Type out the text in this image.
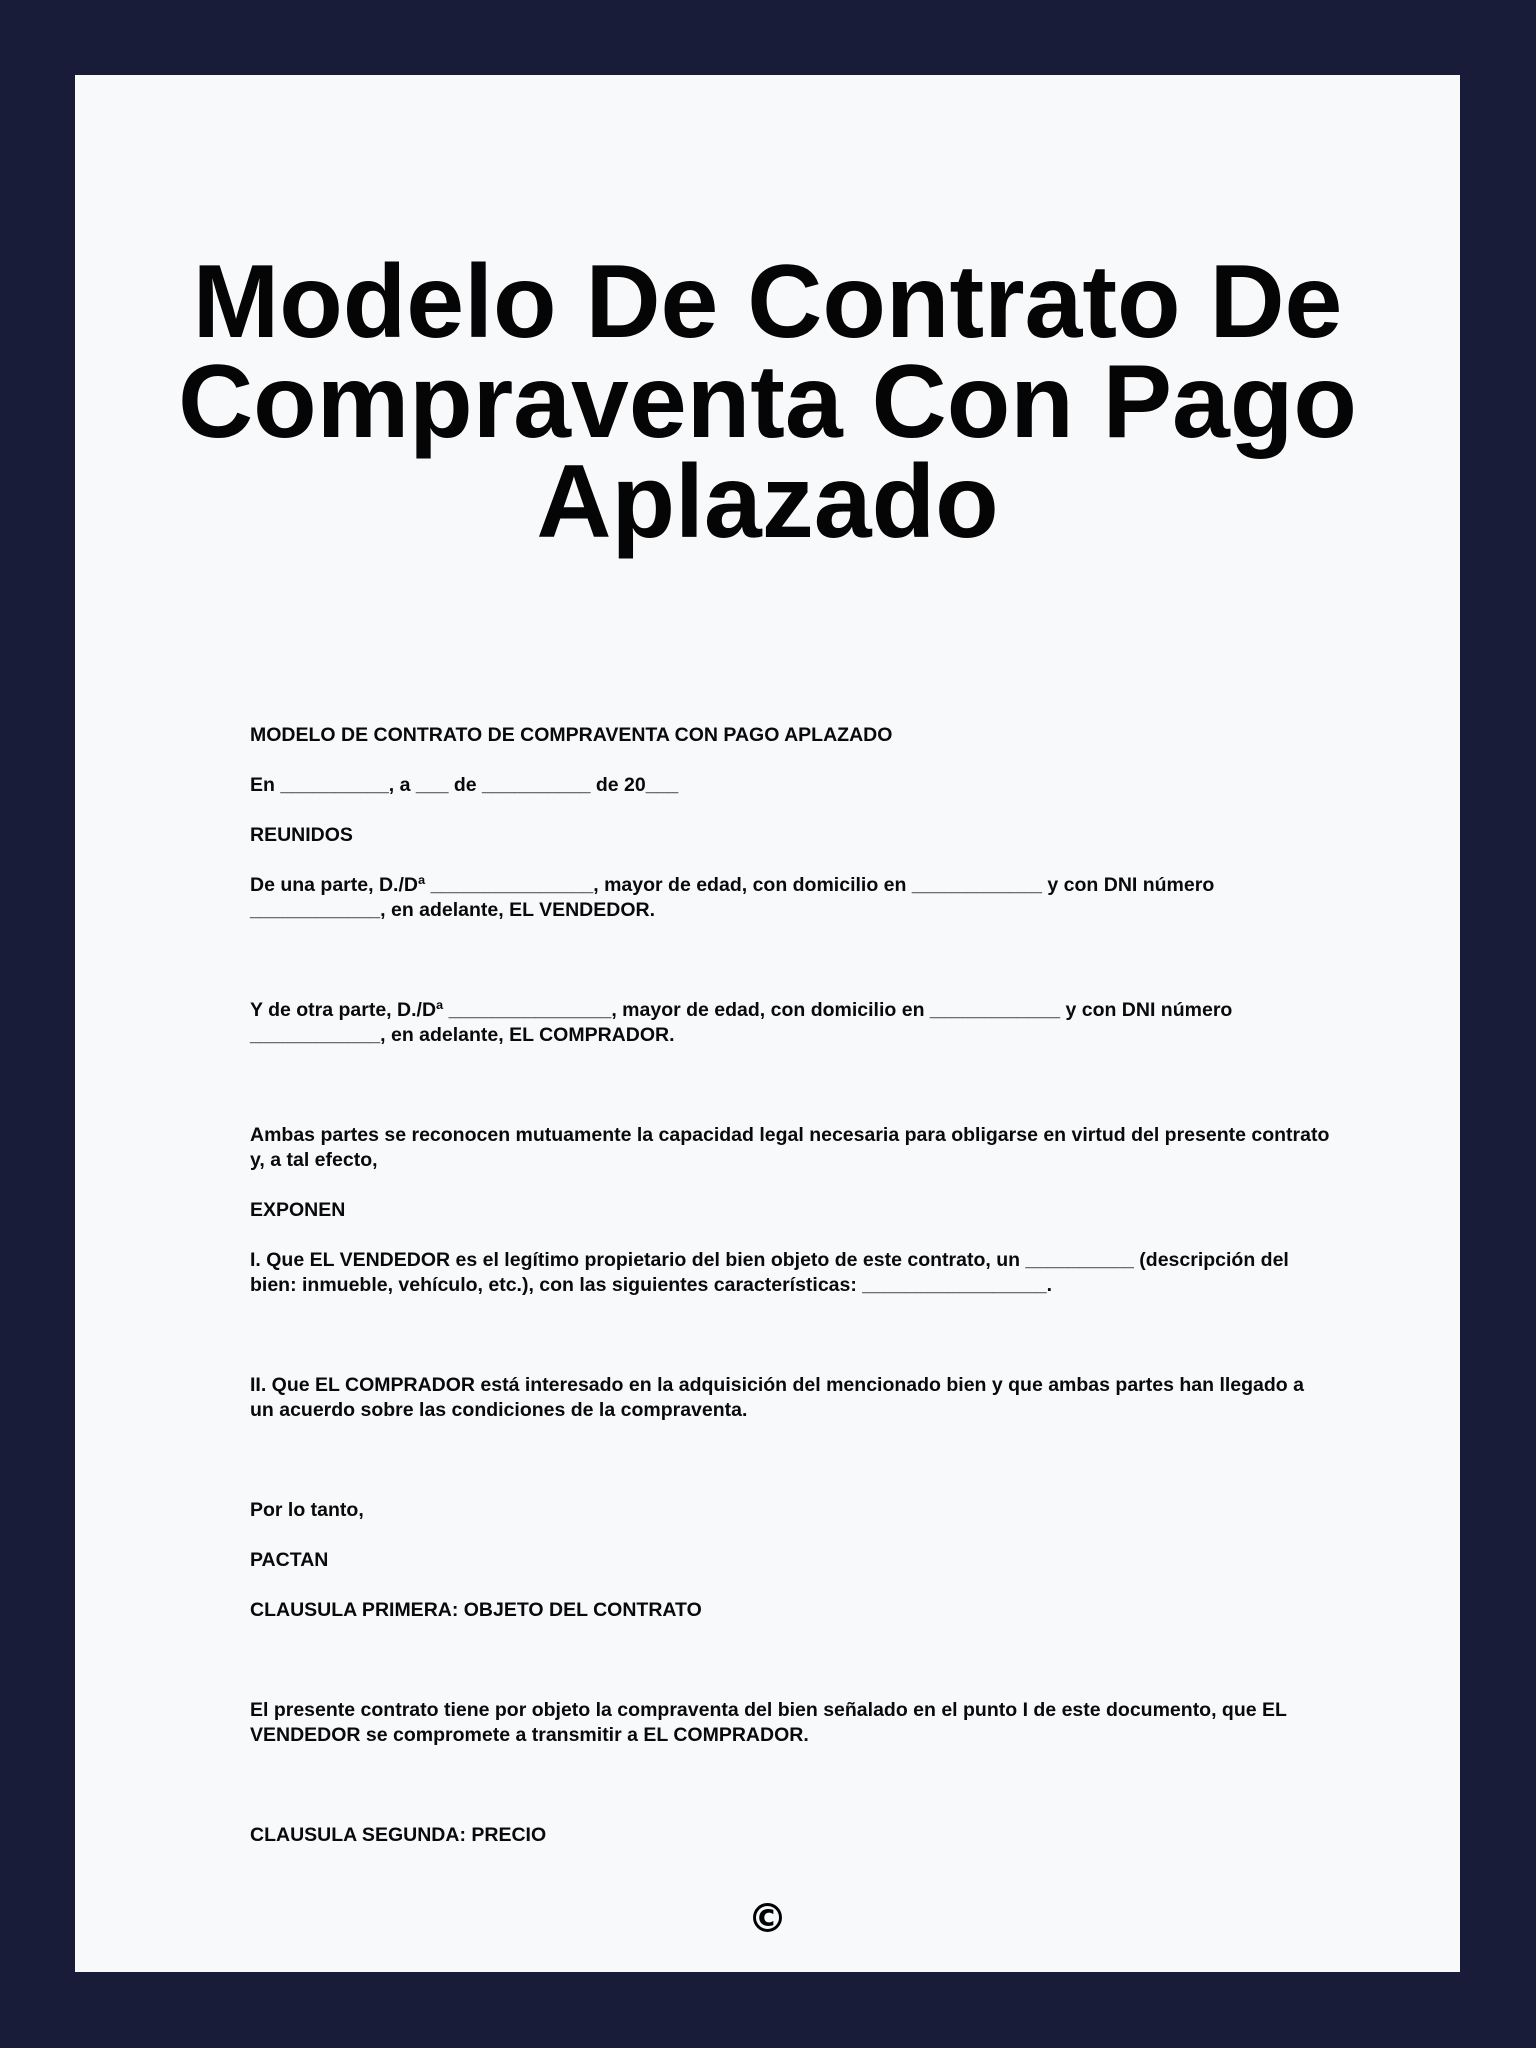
Modelo De Contrato De Compraventa Con Pago Aplazado

MODELO DE CONTRATO DE COMPRAVENTA CON PAGO APLAZADO

En __________, a ___ de __________ de 20___

REUNIDOS

De una parte, D./Dª _______________, mayor de edad, con domicilio en ____________ y con DNI número ____________, en adelante, EL VENDEDOR.

Y de otra parte, D./Dª _______________, mayor de edad, con domicilio en ____________ y con DNI número ____________, en adelante, EL COMPRADOR.

Ambas partes se reconocen mutuamente la capacidad legal necesaria para obligarse en virtud del presente contrato y, a tal efecto,

EXPONEN

I. Que EL VENDEDOR es el legítimo propietario del bien objeto de este contrato, un __________ (descripción del bien: inmueble, vehículo, etc.), con las siguientes características: _________________.

II. Que EL COMPRADOR está interesado en la adquisición del mencionado bien y que ambas partes han llegado a un acuerdo sobre las condiciones de la compraventa.

Por lo tanto,

PACTAN

CLAUSULA PRIMERA: OBJETO DEL CONTRATO

El presente contrato tiene por objeto la compraventa del bien señalado en el punto I de este documento, que EL VENDEDOR se compromete a transmitir a EL COMPRADOR.

CLAUSULA SEGUNDA: PRECIO

©
